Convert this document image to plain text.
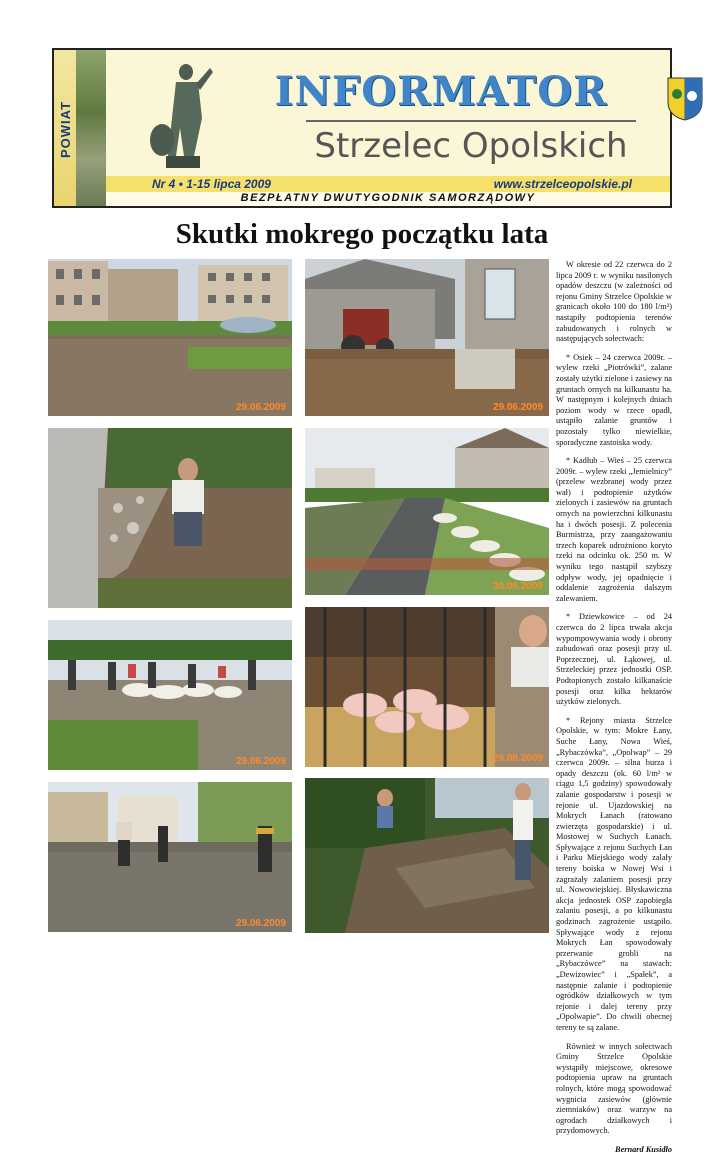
POWIAT
INFORMATOR
Strzelec Opolskich
Nr 4 • 1-15 lipca 2009	www.strzelceopolskie.pl
BEZPŁATNY DWUTYGODNIK SAMORZĄDOWY
Skutki mokrego początku lata
29.06.2009	29.06.2009
30.06.2009
29.06.2009	29.06.2009
29.06.2009

W okresie od 22 czerwca do 2 lipca 2009 r. w wyniku nasilonych opadów deszczu (w zależności od rejonu Gminy Strzelce Opolskie w granicach około 100 do 180 l/m²) nastąpiły podtopienia terenów zabudowanych i rolnych w następujących sołectwach:

* Osiek – 24 czerwca 2009r. – wylew rzeki „Piotrówki”, zalane zostały użytki zielone i zasiewy na gruntach ornych na kilkunastu ha. W następnym i kolejnych dniach poziom wody w rzece opadł, ustąpiło zalanie gruntów i pozostały tylko niewielkie, sporadyczne zastoiska wody.

* Kadłub – Wieś – 25 czerwca 2009r. – wylew rzeki „Jemielnicy” (przelew wezbranej wody przez wał) i podtopienie użytków zielonych i zasiewów na gruntach ornych na powierzchni kilkunastu ha i dwóch posesji. Z polecenia Burmistrza, przy zaangażowaniu trzech koparek udrożniono koryto rzeki na odcinku ok. 250 m. W wyniku tego nastąpił szybszy odpływ wody, jej opadnięcie i oddalenie zagrożenia dalszym zalewaniem.

* Dziewkowice – od 24 czerwca do 2 lipca trwała akcja wypompowywania wody i obrony zabudowań oraz posesji przy ul. Poprzecznej, ul. Łąkowej, ul. Strzeleckiej przez jednostki OSP. Podtopionych zostało kilkanaście posesji oraz kilka hektarów użytków zielonych.

* Rejony miasta Strzelce Opolskie, w tym: Mokre Łany, Suche Łany, Nowa Wieś, „Rybaczówka”, „Opolwap” – 29 czerwca 2009r. – silna burza i opady deszczu (ok. 60 l/m² w ciągu 1,5 godziny) spowodowały zalanie gospodarstw i posesji w rejonie ul. Ujazdowskiej na Mokrych Łanach (ratowano zwierzęta gospodarskie) i ul. Mostowej w Suchych Łanach. Spływające z rejonu Suchych Łan i Parku Miejskiego wody zalały tereny boiska w Nowej Wsi i zagrażały zalaniem posesji przy ul. Nowowiejskiej. Błyskawiczna akcja jednostek OSP zapobiegła zalaniu posesji, a po kilkunastu godzinach zagrożenie ustąpiło. Spływające wody z rejonu Mokrych Łan spowodowały przerwanie grobli na „Rybaczówce” na stawach: „Dewizowiec” i „Spałek”, a następnie zalanie i podtopienie ogródków działkowych w tym rejonie i dalej tereny przy „Opolwapie”. Do chwili obecnej tereny te są zalane.

Również w innych sołectwach Gminy Strzelce Opolskie wystąpiły miejscowe, okresowe podtopienia upraw na gruntach rolnych, które mogą spowodować wygnicia zasiewów (głównie ziemniaków) oraz warzyw na ogrodach działkowych i przydomowych.

Bernard Kusidło
